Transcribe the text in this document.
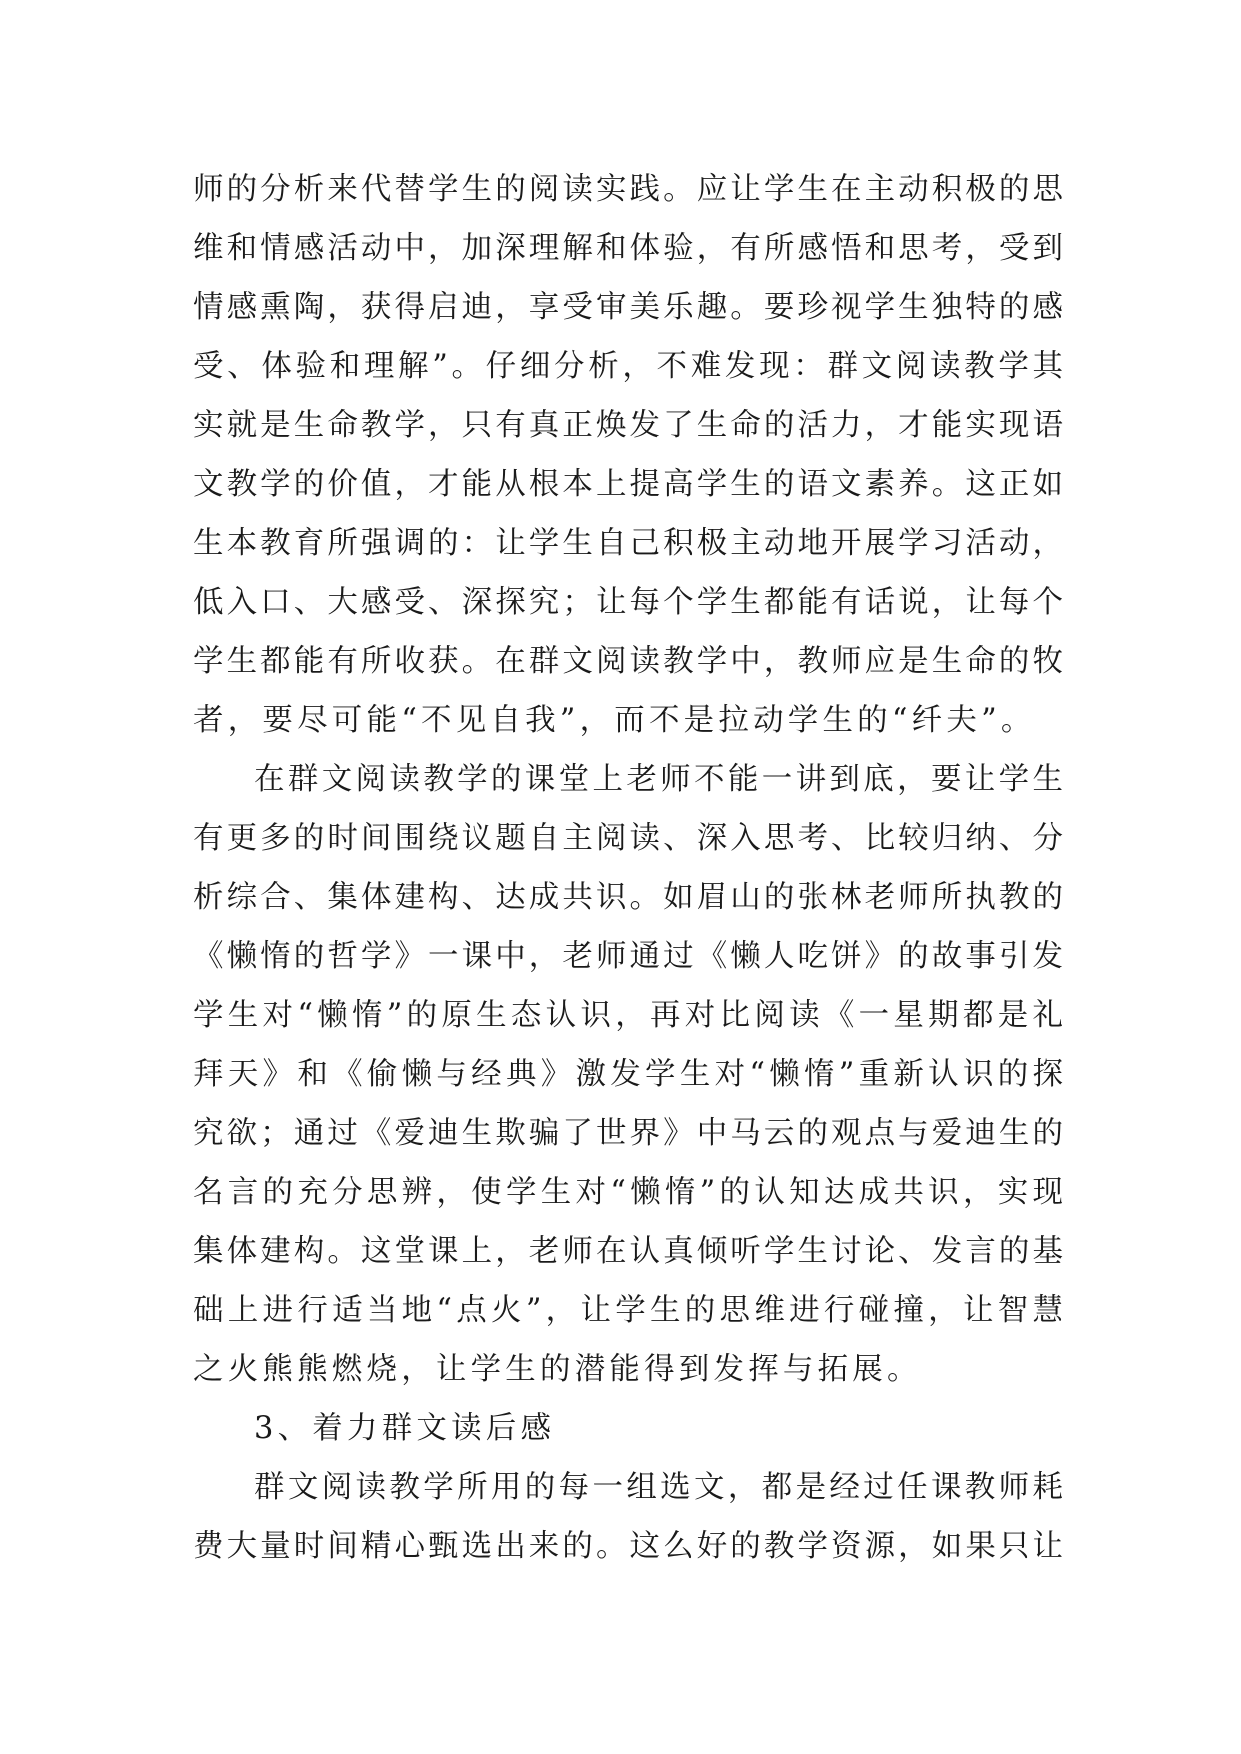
师的分析来代替学生的阅读实践。应让学生在主动积极的思
维和情感活动中，加深理解和体验，有所感悟和思考，受到
情感熏陶，获得启迪，享受审美乐趣。要珍视学生独特的感
受、体验和理解”。仔细分析，不难发现：群文阅读教学其
实就是生命教学，只有真正焕发了生命的活力，才能实现语
文教学的价值，才能从根本上提高学生的语文素养。这正如
生本教育所强调的：让学生自己积极主动地开展学习活动，
低入口、大感受、深探究；让每个学生都能有话说，让每个
学生都能有所收获。在群文阅读教学中，教师应是生命的牧
者，要尽可能“不见自我”，而不是拉动学生的“纤夫”。
在群文阅读教学的课堂上老师不能一讲到底，要让学生
有更多的时间围绕议题自主阅读、深入思考、比较归纳、分
析综合、集体建构、达成共识。如眉山的张林老师所执教的
《懒惰的哲学》一课中，老师通过《懒人吃饼》的故事引发
学生对“懒惰”的原生态认识，再对比阅读《一星期都是礼
拜天》和《偷懒与经典》激发学生对“懒惰”重新认识的探
究欲；通过《爱迪生欺骗了世界》中马云的观点与爱迪生的
名言的充分思辨，使学生对“懒惰”的认知达成共识，实现
集体建构。这堂课上，老师在认真倾听学生讨论、发言的基
础上进行适当地“点火”，让学生的思维进行碰撞，让智慧
之火熊熊燃烧，让学生的潜能得到发挥与拓展。
3、着力群文读后感
群文阅读教学所用的每一组选文，都是经过任课教师耗
费大量时间精心甄选出来的。这么好的教学资源，如果只让
